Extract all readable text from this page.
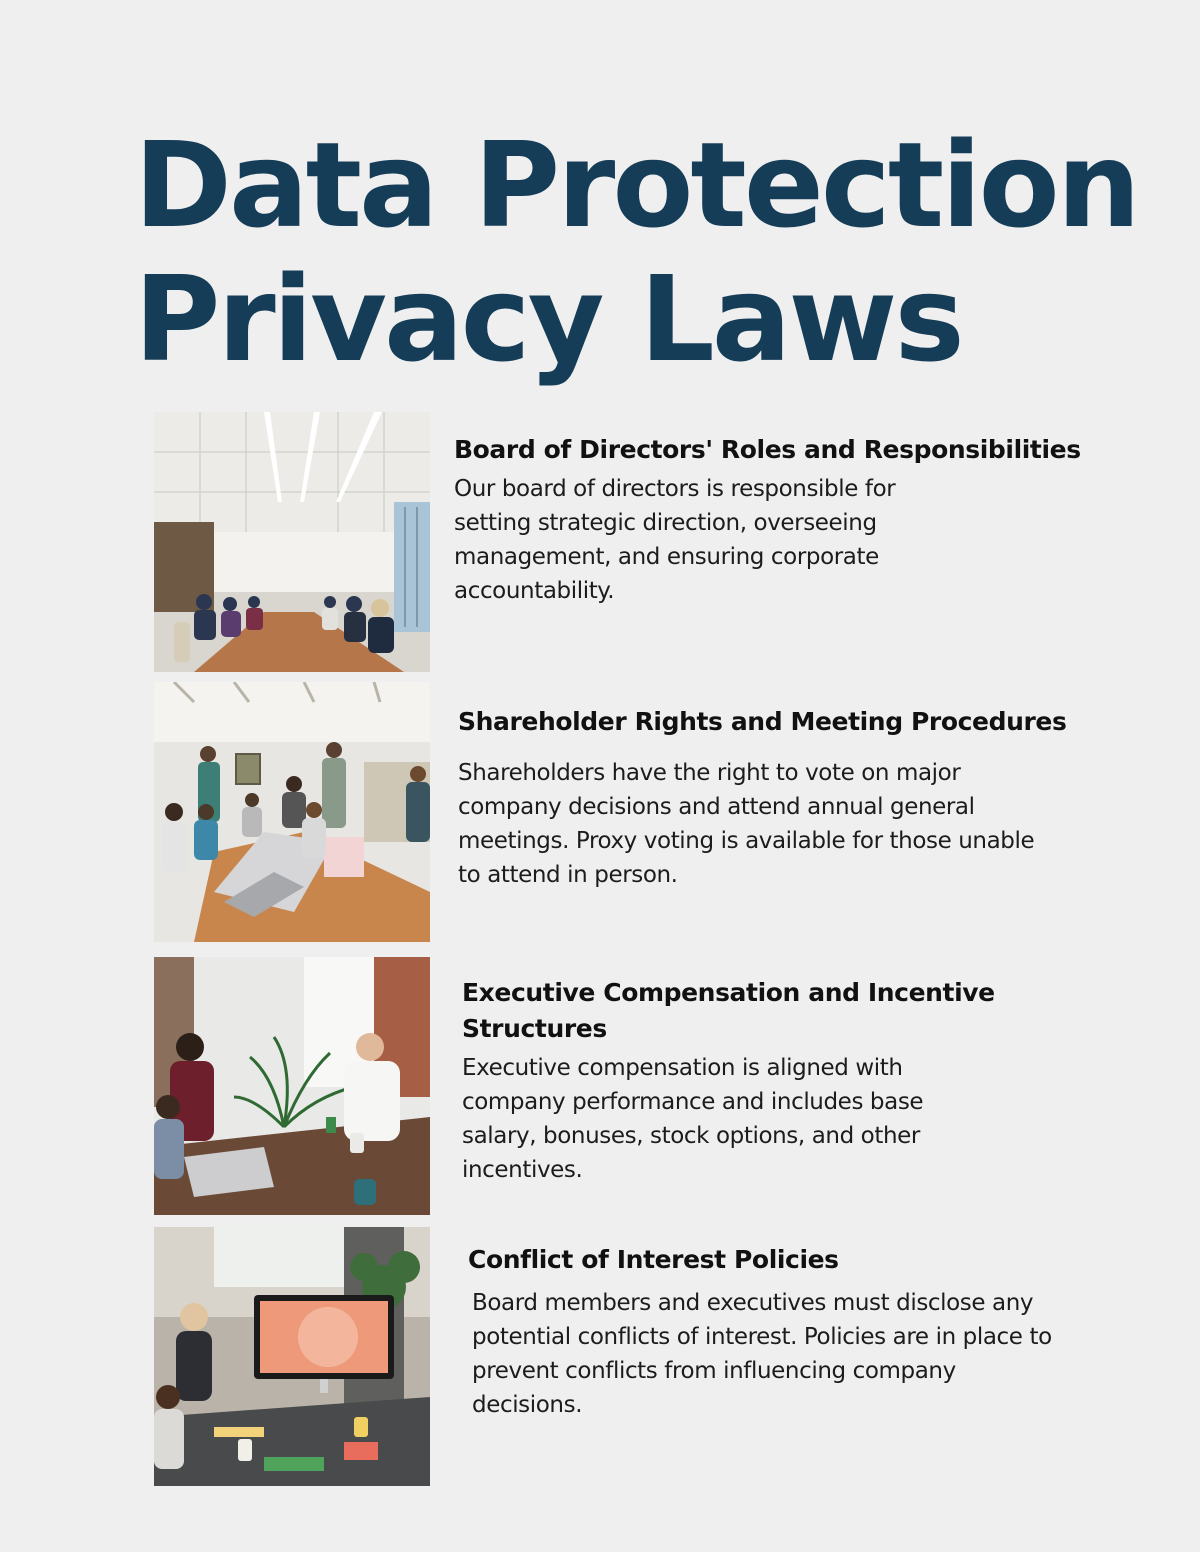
Data Protection
Privacy Laws
Board of Directors' Roles and Responsibilities

Our board of directors is responsible for setting strategic direction, overseeing management, and ensuring corporate accountability.

Shareholder Rights and Meeting Procedures

Shareholders have the right to vote on major company decisions and attend annual general meetings. Proxy voting is available for those unable to attend in person.

Executive Compensation and Incentive Structures

Executive compensation is aligned with company performance and includes base salary, bonuses, stock options, and other incentives.

Conflict of Interest Policies

Board members and executives must disclose any potential conflicts of interest. Policies are in place to prevent conflicts from influencing company decisions.
